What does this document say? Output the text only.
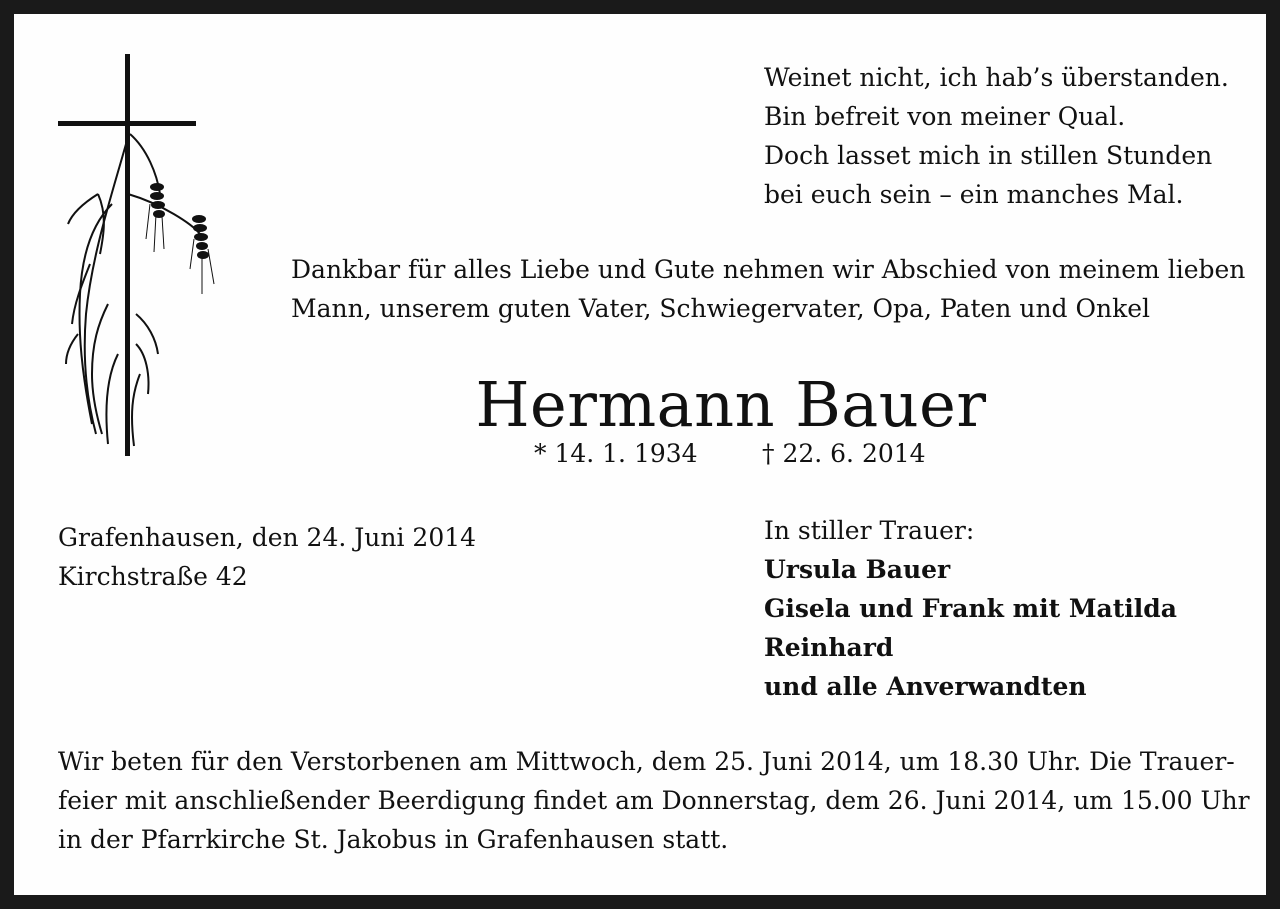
Weinet nicht, ich hab’s überstanden.
Bin befreit von meiner Qual.
Doch lasset mich in stillen Stunden
bei euch sein – ein manches Mal.
Dankbar für alles Liebe und Gute nehmen wir Abschied von meinem lieben
Mann, unserem guten Vater, Schwiegervater, Opa, Paten und Onkel
Hermann Bauer
* 14. 1. 1934	† 22. 6. 2014
Grafenhausen, den 24. Juni 2014
Kirchstraße 42
In stiller Trauer:
Ursula Bauer
Gisela und Frank mit Matilda
Reinhard
und alle Anverwandten
Wir beten für den Verstorbenen am Mittwoch, dem 25. Juni 2014, um 18.30 Uhr. Die Trauer-
feier mit anschließender Beerdigung findet am Donnerstag, dem 26. Juni 2014, um 15.00 Uhr
in der Pfarrkirche St. Jakobus in Grafenhausen statt.
